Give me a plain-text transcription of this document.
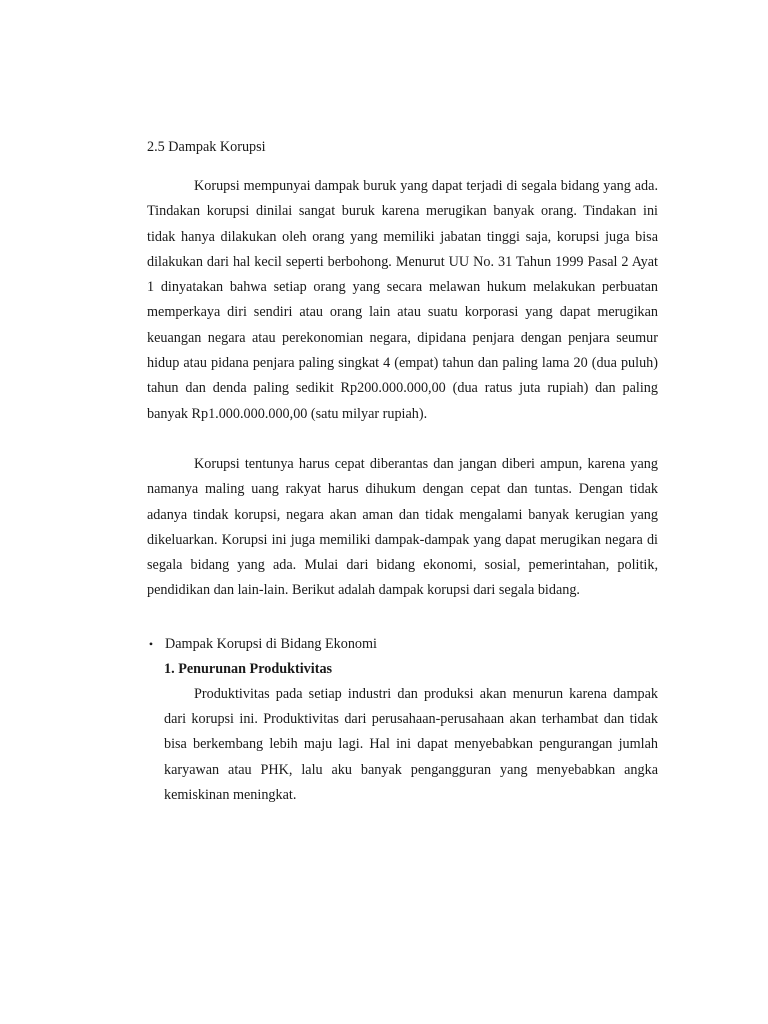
2.5 Dampak Korupsi

Korupsi mempunyai dampak buruk yang dapat terjadi di segala bidang yang ada. Tindakan korupsi dinilai sangat buruk karena merugikan banyak orang. Tindakan ini tidak hanya dilakukan oleh orang yang memiliki jabatan tinggi saja, korupsi juga bisa dilakukan dari hal kecil seperti berbohong. Menurut UU No. 31 Tahun 1999 Pasal 2 Ayat 1 dinyatakan bahwa setiap orang yang secara melawan hukum melakukan perbuatan memperkaya diri sendiri atau orang lain atau suatu korporasi yang dapat merugikan keuangan negara atau perekonomian negara, dipidana penjara dengan penjara seumur hidup atau pidana penjara paling singkat 4 (empat) tahun dan paling lama 20 (dua puluh) tahun dan denda paling sedikit Rp200.000.000,00 (dua ratus juta rupiah) dan paling banyak Rp1.000.000.000,00 (satu milyar rupiah).

Korupsi tentunya harus cepat diberantas dan jangan diberi ampun, karena yang namanya maling uang rakyat harus dihukum dengan cepat dan tuntas. Dengan tidak adanya tindak korupsi, negara akan aman dan tidak mengalami banyak kerugian yang dikeluarkan. Korupsi ini juga memiliki dampak-dampak yang dapat merugikan negara di segala bidang yang ada. Mulai dari bidang ekonomi, sosial, pemerintahan, politik, pendidikan dan lain-lain. Berikut adalah dampak korupsi dari segala bidang.

• Dampak Korupsi di Bidang Ekonomi
1. Penurunan Produktivitas

Produktivitas pada setiap industri dan produksi akan menurun karena dampak dari korupsi ini. Produktivitas dari perusahaan-perusahaan akan terhambat dan tidak bisa berkembang lebih maju lagi. Hal ini dapat menyebabkan pengurangan jumlah karyawan atau PHK, lalu aku banyak pengangguran yang menyebabkan angka kemiskinan meningkat.
